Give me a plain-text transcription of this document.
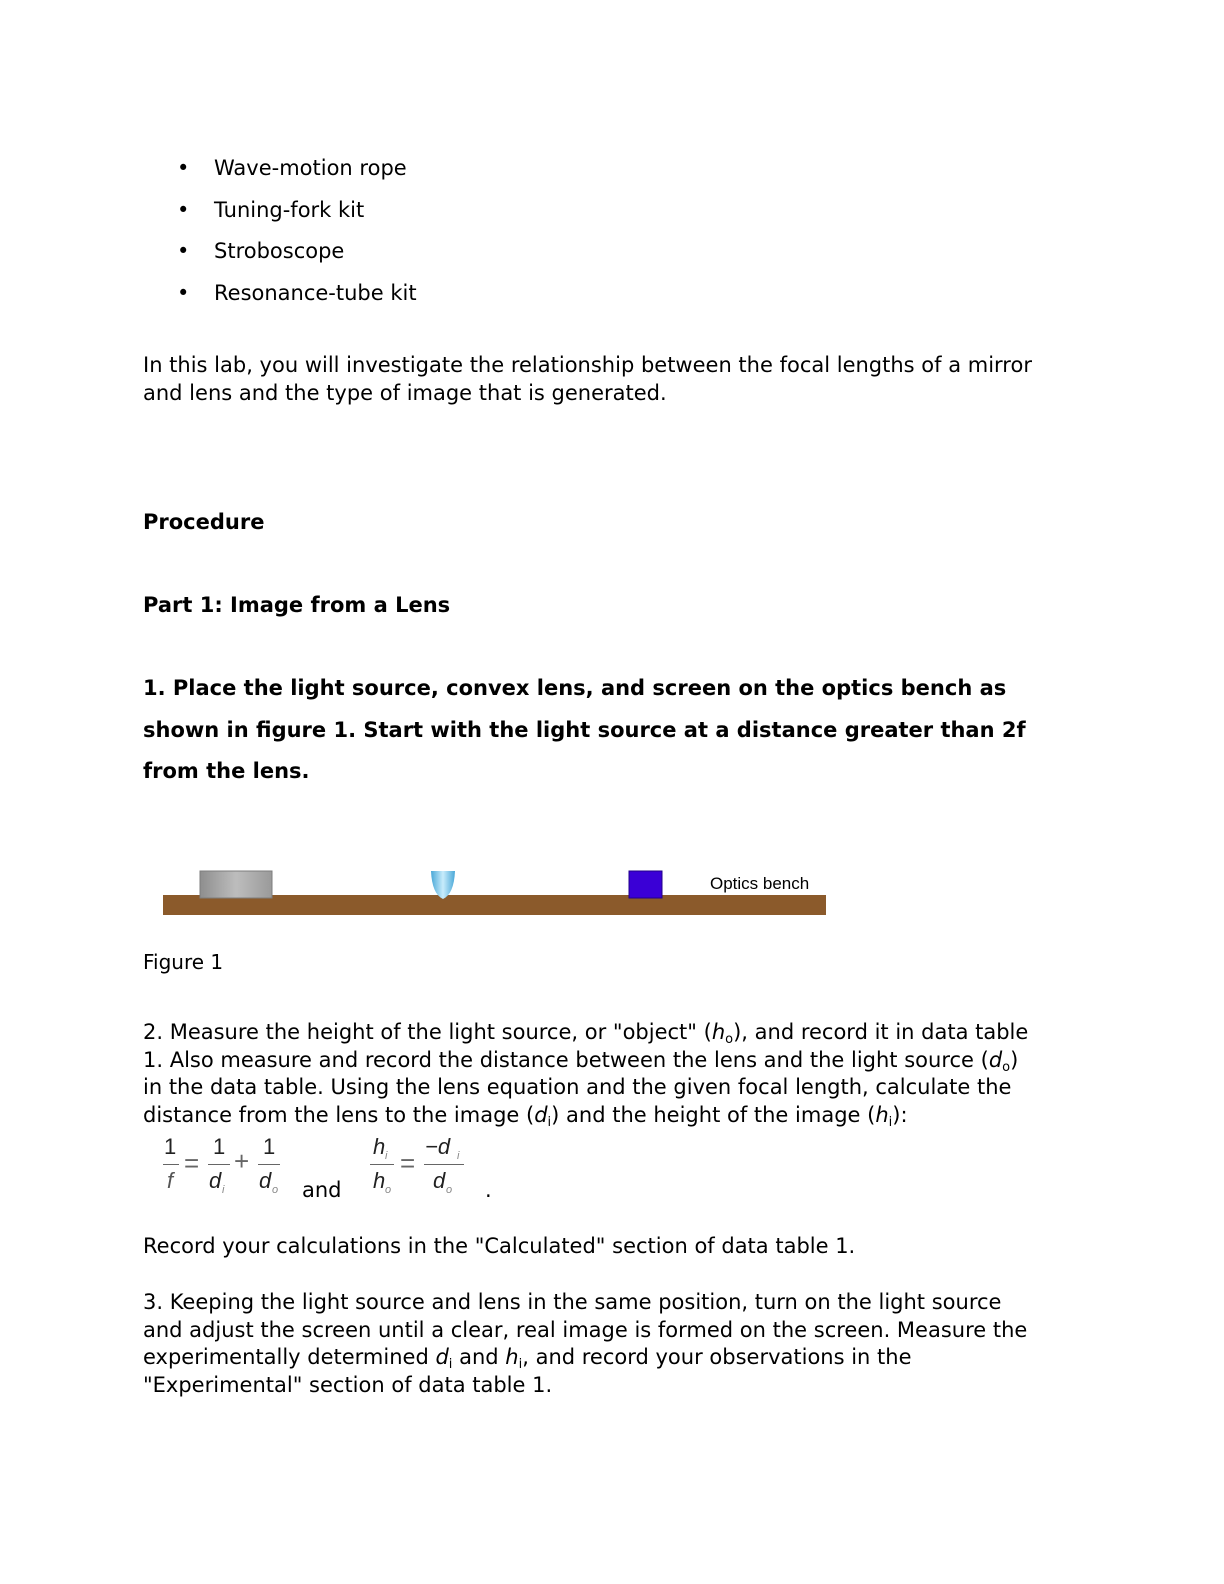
• Wave-motion rope
• Tuning-fork kit
• Stroboscope
• Resonance-tube kit
In this lab, you will investigate the relationship between the focal lengths of a mirror and lens and the type of image that is generated.
Procedure
Part 1: Image from a Lens
1. Place the light source, convex lens, and screen on the optics bench as shown in figure 1. Start with the light source at a distance greater than 2f from the lens.
Optics bench
Figure 1
2. Measure the height of the light source, or "object" $(h_o)$, and record it in data table
1. Also measure and record the distance between the lens and the light source $(d_o)$
in the data table. Using the lens equation and the given focal length, calculate the
distance from the lens to the image $(d_i)$ and the height of the image $(h_i)$:
1
f
=
1
d i
+ 1
d o and
h i
h o
=
−d i
d o .
Record your calculations in the "Calculated" section of data table 1.
3. Keeping the light source and lens in the same position, turn on the light source
and adjust the screen until a clear, real image is formed on the screen. Measure the
experimentally determined $d_i$ and $h_i$, and record your observations in the
"Experimental" section of data table 1.
